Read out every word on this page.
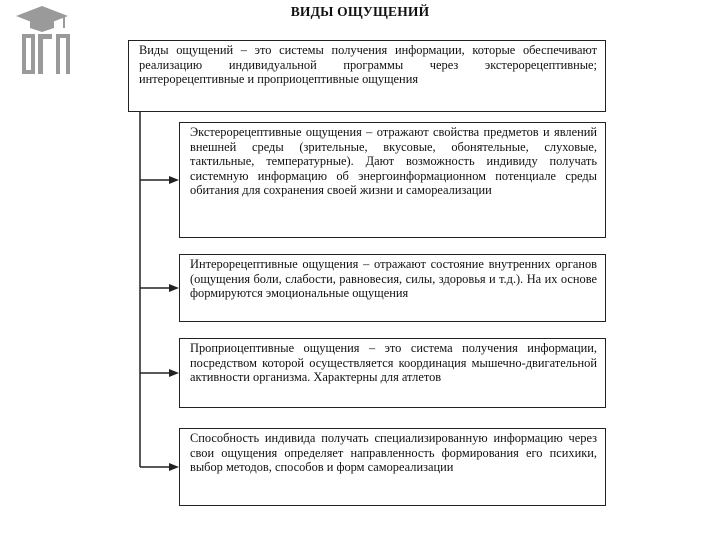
ВИДЫ ОЩУЩЕНИЙ
Виды ощущений – это системы получения информации, которые обеспечивают реализацию индивидуальной программы через экстерорецептивные; интерорецептивные и проприоцептивные ощущения
Экстерорецептивные ощущения – отражают свойства предметов и явлений внешней среды (зрительные, вкусовые, обонятельные, слуховые, тактильные, температурные). Дают возможность индивиду получать системную информацию об энергоинформационном потенциале среды обитания для сохранения своей жизни и самореализации
Интерорецептивные ощущения – отражают состояние внутренних органов (ощущения боли, слабости, равновесия, силы, здоровья и т.д.). На их основе формируются эмоциональные ощущения
Проприоцептивные ощущения – это система получения информации, посредством которой осуществляется координация мышечно-двигательной активности организма. Характерны для атлетов
Способность индивида получать специализированную информацию через свои ощущения определяет направленность формирования его психики, выбор методов, способов и форм самореализации
